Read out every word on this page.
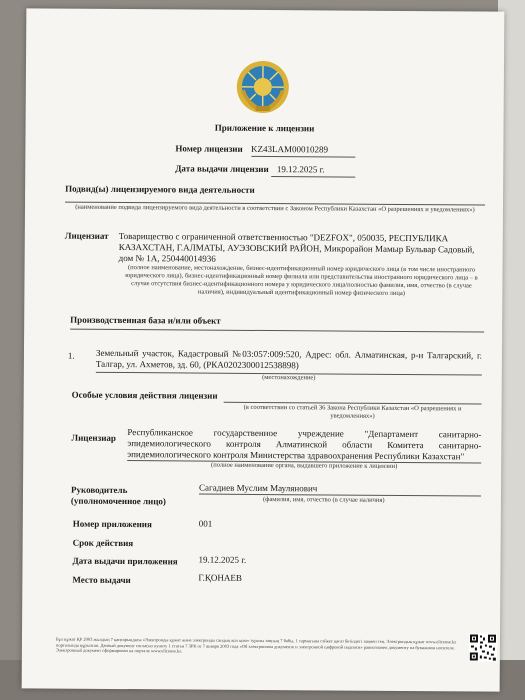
Приложение к лицензии
Номер лицензии KZ43LAM00010289
Дата выдачи лицензии 19.12.2025 г.
Подвид(ы) лицензируемого вида деятельности
(наименование подвида лицензируемого вида деятельности в соответствии с Законом Республики Казахстан «О разрешениях и уведомлениях»)
Лицензиат Товарищество с ограниченной ответственностью "DEZFOX", 050035, РЕСПУБЛИКА КАЗАХСТАН, Г.АЛМАТЫ, АУЭЗОВСКИЙ РАЙОН, Микрорайон Мамыр Бульвар Садовый, дом № 1А, 250440014936
(полное наименование, местонахождение, бизнес-идентификационный номер юридического лица (в том числе иностранного юридического лица), бизнес-идентификационный номер филиала или представительства иностранного юридического лица – в случае отсутствия бизнес-идентификационного номера у юридического лица/полностью фамилия, имя, отчество (в случае наличия), индивидуальный идентификационный номер физического лица)
Производственная база и/или объект
1. Земельный участок, Кадастровый №03:057:009:520, Адрес: обл. Алматинская, р-н Талгарский, г. Талгар, ул. Ахметов, зд. 60, (РКА0202300012538898)
(местонахождение)
Особые условия действия лицензии
(в соответствии со статьей 36 Закона Республики Казахстан «О разрешениях и уведомлениях»)
Лицензиар Республиканское государственное учреждение "Департамент санитарно-эпидемиологического контроля Алматинской области Комитета санитарно-эпидемиологического контроля Министерства здравоохранения Республики Казахстан"
(полное наименование органа, выдавшего приложение к лицензии)
Руководитель (уполномоченное лицо)
Сагадиев Муслим Маулянович
(фамилия, имя, отчество (в случае наличия)
Номер приложения	001
Срок действия
Дата выдачи приложения 19.12.2025 г.
Место выдачи	Г.ҚОНАЕВ
Бұл құжат ҚР 2003 жылдың 7 қаңтарындағы «Электронды құжат және электронды сандық қол қою» туралы заңның 7 бабы, 1 тармағына сәйкес қағаз бетіндегі заңмен тең. Электрондық құжат www.elicense.kz порталында құрылған. Данный документ согласно пункту 1 статьи 7 ЗРК от 7 января 2003 года «Об электронном документе и электронной цифровой подписи» равнозначен документу на бумажном носителе. Электронный документ сформирован на портале www.elicense.kz.
